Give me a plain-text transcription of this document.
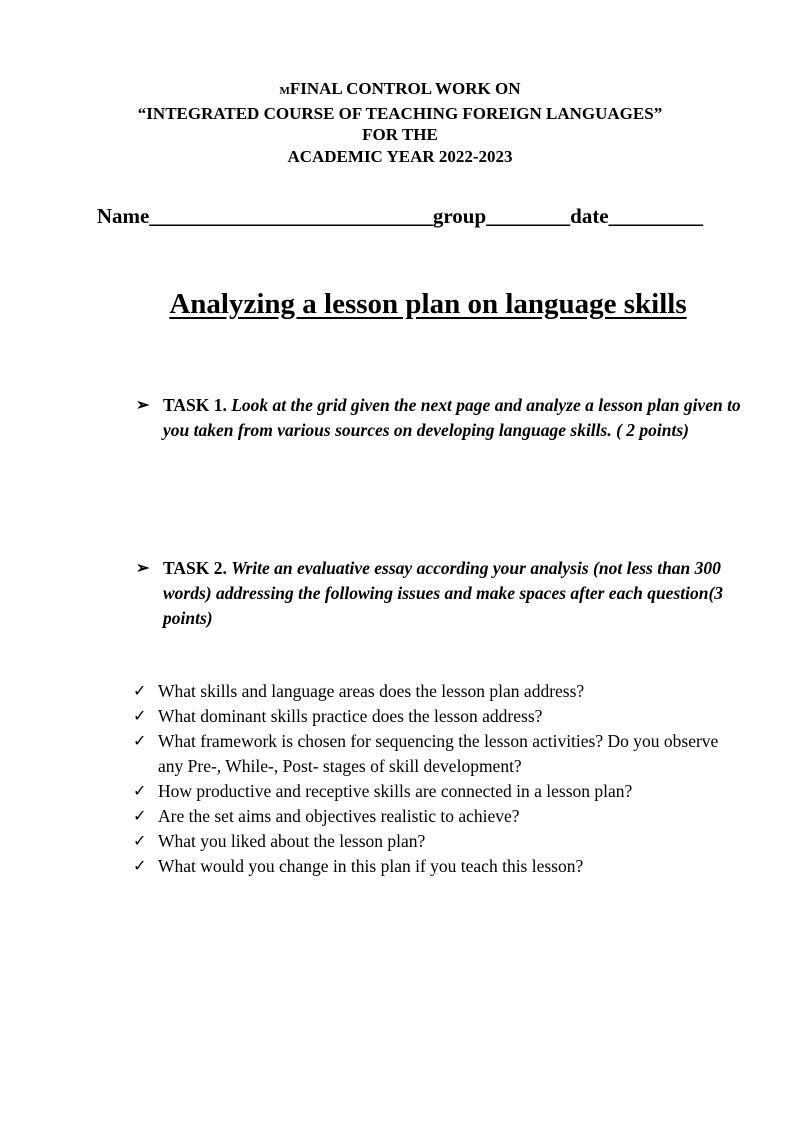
MFINAL CONTROL WORK ON
“INTEGRATED COURSE OF TEACHING FOREIGN LANGUAGES”
FOR THE
ACADEMIC YEAR 2022-2023
Name___________________________group________date_________
Analyzing a lesson plan on language skills
➢ TASK 1. Look at the grid given the next page and analyze a lesson plan given to you taken from various sources on developing language skills. ( 2 points)
➢ TASK 2. Write an evaluative essay according your analysis (not less than 300 words) addressing the following issues and make spaces after each question(3 points)
✓ What skills and language areas does the lesson plan address?
✓ What dominant skills practice does the lesson address?
✓ What framework is chosen for sequencing the lesson activities? Do you observe any Pre-, While-, Post- stages of skill development?
✓ How productive and receptive skills are connected in a lesson plan?
✓ Are the set aims and objectives realistic to achieve?
✓ What you liked about the lesson plan?
✓ What would you change in this plan if you teach this lesson?
